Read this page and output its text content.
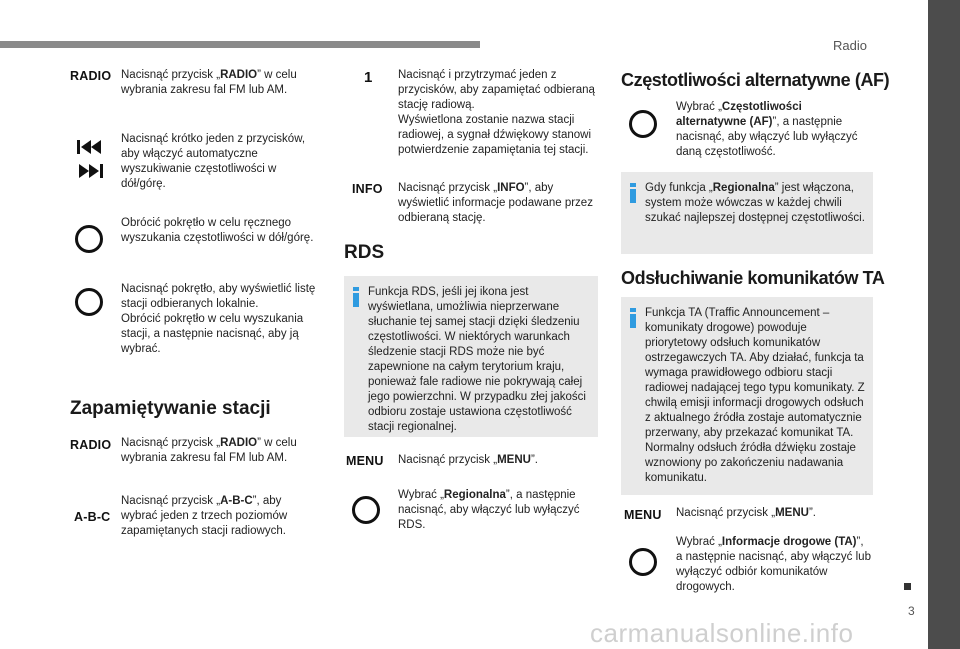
Radio
3
carmanualsonline.info
RADIO Nacisnąć przycisk „RADIO” w celu wybrania zakresu fal FM lub AM.
Nacisnąć krótko jeden z przycisków, aby włączyć automatyczne wyszukiwanie częstotliwości w dół/górę.
Obrócić pokrętło w celu ręcznego wyszukania częstotliwości w dół/górę.
Nacisnąć pokrętło, aby wyświetlić listę stacji odbieranych lokalnie.
Obrócić pokrętło w celu wyszukania stacji, a następnie nacisnąć, aby ją wybrać.
Zapamiętywanie stacji
RADIO Nacisnąć przycisk „RADIO” w celu wybrania zakresu fal FM lub AM.
A-B-C
Nacisnąć przycisk „A-B-C”, aby wybrać jeden z trzech poziomów zapamiętanych stacji radiowych.
1 Nacisnąć i przytrzymać jeden z przycisków, aby zapamiętać odbieraną stację radiową.
Wyświetlona zostanie nazwa stacji radiowej, a sygnał dźwiękowy stanowi potwierdzenie zapamiętania tej stacji.
INFO Nacisnąć przycisk „INFO”, aby wyświetlić informacje podawane przez odbieraną stację.
RDS
Funkcja RDS, jeśli jej ikona jest wyświetlana, umożliwia nieprzerwane słuchanie tej samej stacji dzięki śledzeniu częstotliwości. W niektórych warunkach śledzenie stacji RDS może nie być zapewnione na całym terytorium kraju, ponieważ fale radiowe nie pokrywają całej jego powierzchni. W przypadku złej jakości odbioru zostaje ustawiona częstotliwość stacji regionalnej.
MENU Nacisnąć przycisk „MENU”.
Wybrać „Regionalna”, a następnie nacisnąć, aby włączyć lub wyłączyć RDS.
Częstotliwości alternatywne (AF)
Wybrać „Częstotliwości alternatywne (AF)”, a następnie nacisnąć, aby włączyć lub wyłączyć daną częstotliwość.
Gdy funkcja „Regionalna” jest włączona, system może wówczas w każdej chwili szukać najlepszej dostępnej częstotliwości.
Odsłuchiwanie komunikatów TA
Funkcja TA (Traffic Announcement – komunikaty drogowe) powoduje priorytetowy odsłuch komunikatów ostrzegawczych TA. Aby działać, funkcja ta wymaga prawidłowego odbioru stacji radiowej nadającej tego typu komunikaty. Z chwilą emisji informacji drogowych odsłuch z aktualnego źródła zostaje automatycznie przerwany, aby przekazać komunikat TA. Normalny odsłuch źródła dźwięku zostaje wznowiony po zakończeniu nadawania komunikatu.
MENU Nacisnąć przycisk „MENU”.
Wybrać „Informacje drogowe (TA)”, a następnie nacisnąć, aby włączyć lub wyłączyć odbiór komunikatów drogowych.
